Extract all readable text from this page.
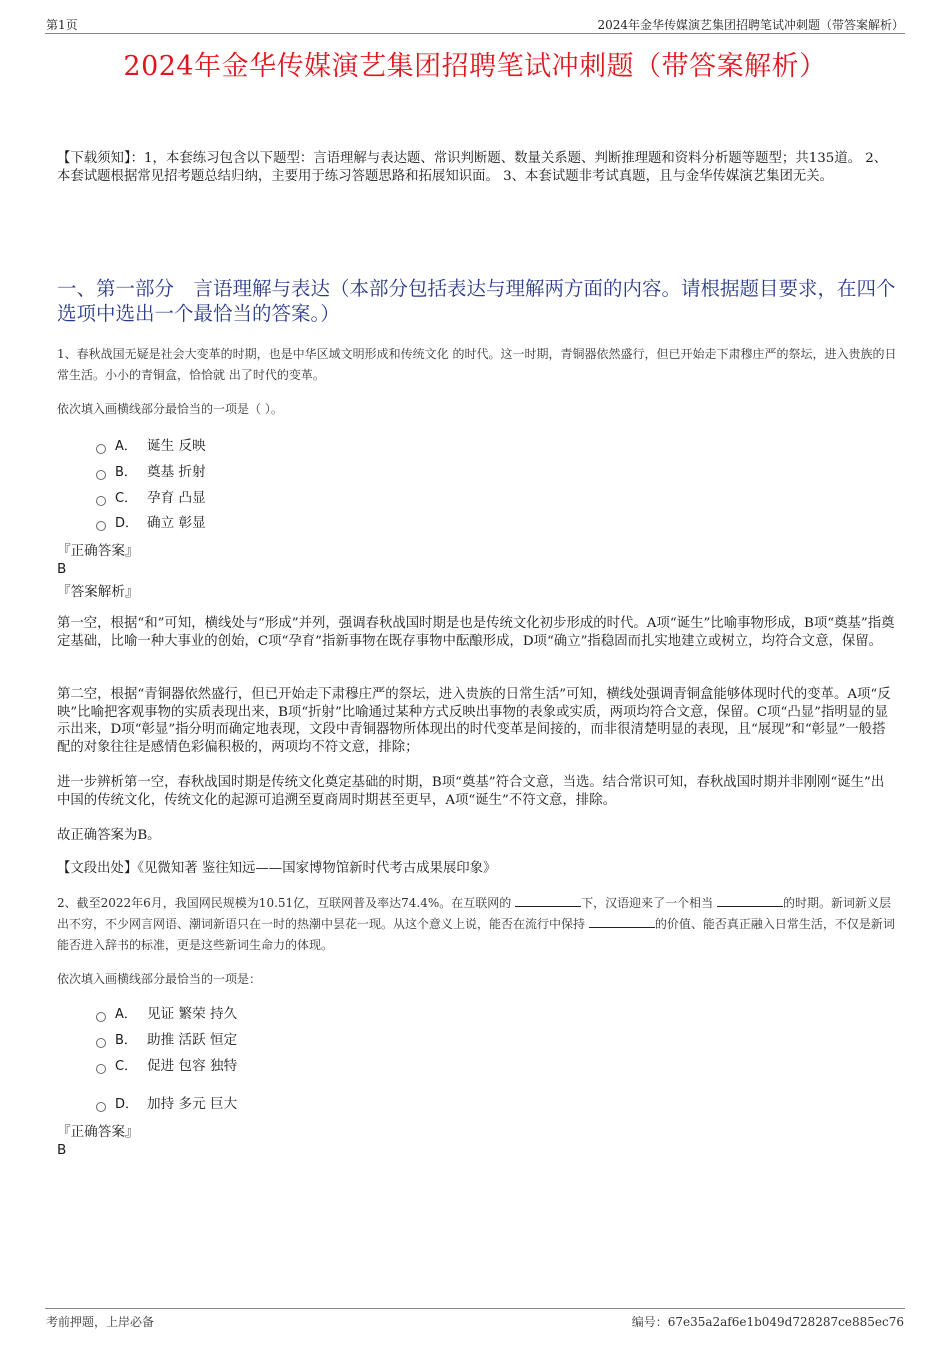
第1页	2024年金华传媒演艺集团招聘笔试冲刺题（带答案解析）
2024年金华传媒演艺集团招聘笔试冲刺题（带答案解析）
【下载须知】：1，本套练习包含以下题型：言语理解与表达题、常识判断题、数量关系题、判断推理题和资料分析题等题型；共135道。 2、本套试题根据常见招考题总结归纳，主要用于练习答题思路和拓展知识面。 3、本套试题非考试真题，且与金华传媒演艺集团无关。
一、第一部分　言语理解与表达（本部分包括表达与理解两方面的内容。请根据题目要求，在四个选项中选出一个最恰当的答案。）
1、春秋战国无疑是社会大变革的时期，也是中华区域文明形成和传统文化 的时代。这一时期，青铜器依然盛行，但已开始走下肃穆庄严的祭坛，进入贵族的日常生活。小小的青铜盒，恰恰就 出了时代的变革。
依次填入画横线部分最恰当的一项是（ ）。
A． 诞生 反映
B． 奠基 折射
C． 孕育 凸显
D． 确立 彰显
『正确答案』
B
『答案解析』
第一空，根据“和”可知，横线处与“形成”并列，强调春秋战国时期是也是传统文化初步形成的时代。A项“诞生”比喻事物形成，B项“奠基”指奠定基础，比喻一种大事业的创始，C项“孕育”指新事物在既存事物中酝酿形成，D项“确立”指稳固而扎实地建立或树立，均符合文意，保留。
第二空，根据“青铜器依然盛行，但已开始走下肃穆庄严的祭坛，进入贵族的日常生活”可知，横线处强调青铜盒能够体现时代的变革。A项“反映”比喻把客观事物的实质表现出来，B项“折射”比喻通过某种方式反映出事物的表象或实质，两项均符合文意，保留。C项“凸显”指明显的显示出来，D项“彰显”指分明而确定地表现，文段中青铜器物所体现出的时代变革是间接的，而非很清楚明显的表现，且“展现”和“彰显”一般搭配的对象往往是感情色彩偏积极的，两项均不符文意，排除；
进一步辨析第一空，春秋战国时期是传统文化奠定基础的时期，B项“奠基”符合文意，当选。结合常识可知，春秋战国时期并非刚刚“诞生”出中国的传统文化，传统文化的起源可追溯至夏商周时期甚至更早，A项“诞生”不符文意，排除。
故正确答案为B。
【文段出处】《见微知著 鉴往知远——国家博物馆新时代考古成果展印象》
2、截至2022年6月，我国网民规模为10.51亿，互联网普及率达74.4%。在互联网的	下，汉语迎来了一个相当	的时期。新词新义层出不穷，不少网言网语、潮词新语只在一时的热潮中昙花一现。从这个意义上说，能否在流行中保持	的价值、能否真正融入日常生活，不仅是新词能否进入辞书的标准，更是这些新词生命力的体现。
依次填入画横线部分最恰当的一项是：
A． 见证 繁荣 持久
B． 助推 活跃 恒定
C． 促进 包容 独特
D． 加持 多元 巨大
『正确答案』
B
考前押题，上岸必备	编号：67e35a2af6e1b049d728287ce885ec76
